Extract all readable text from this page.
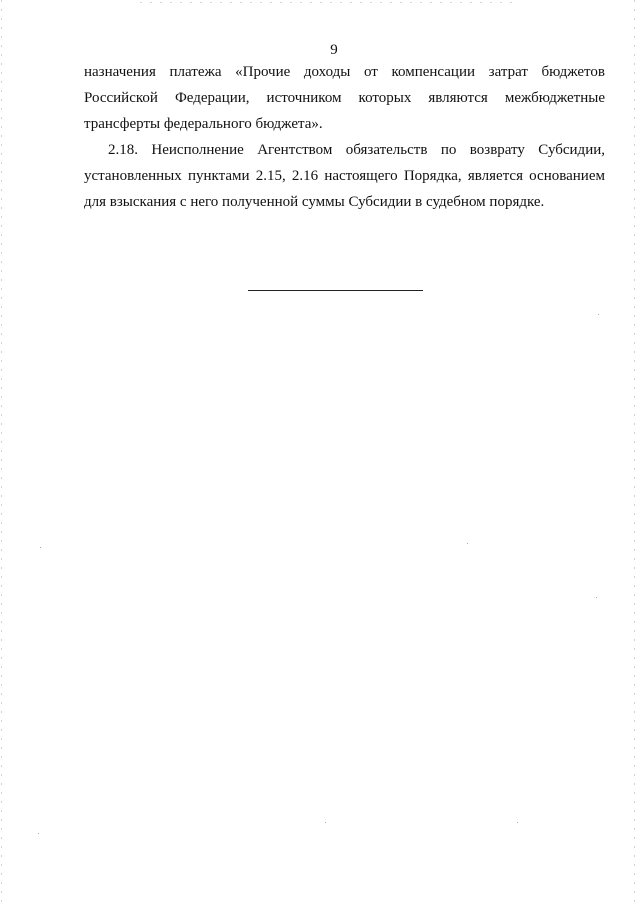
9

назначения платежа «Прочие доходы от компенсации затрат бюджетов
Российской Федерации, источником которых являются межбюджетные
трансферты федерального бюджета».

2.18. Неисполнение Агентством обязательств по возврату Субсидии,
установленных пунктами 2.15, 2.16 настоящего Порядка, является основанием
для взыскания с него полученной суммы Субсидии в судебном порядке.
